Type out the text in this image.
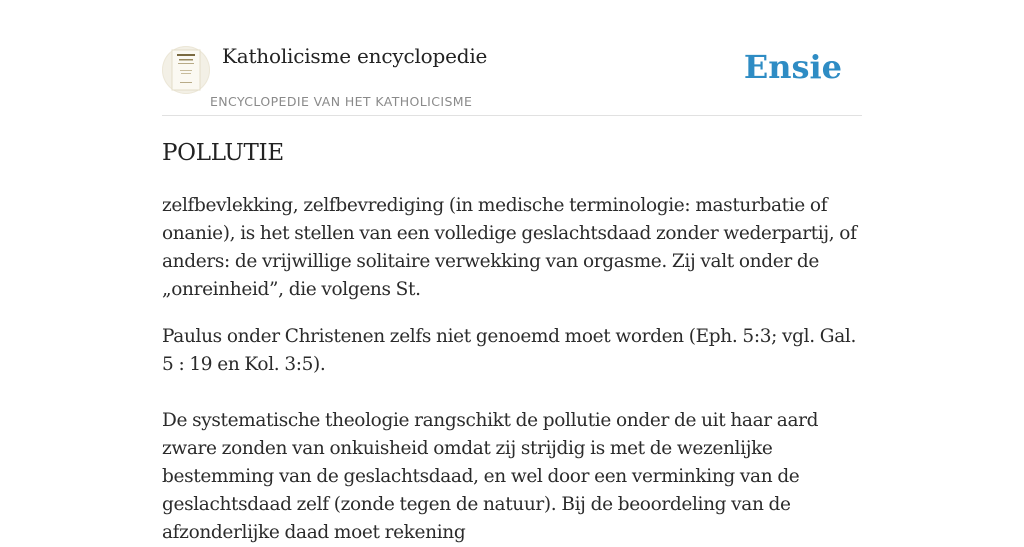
Katholicisme encyclopedie
ENCYCLOPEDIE VAN HET KATHOLICISME
Ensie
POLLUTIE

zelfbevlekking, zelfbevrediging (in medische terminologie: masturbatie of onanie), is het stellen van een volledige geslachtsdaad zonder wederpartij, of anders: de vrijwillige solitaire verwekking van orgasme. Zij valt onder de „onreinheid”, die volgens St.

Paulus onder Christenen zelfs niet genoemd moet worden (Eph. 5:3; vgl. Gal. 5 : 19 en Kol. 3:5).

De systematische theologie rangschikt de pollutie onder de uit haar aard zware zonden van onkuisheid omdat zij strijdig is met de wezenlijke bestemming van de geslachtsdaad, en wel door een verminking van de geslachtsdaad zelf (zonde tegen de natuur). Bij de beoordeling van de afzonderlijke daad moet rekening
